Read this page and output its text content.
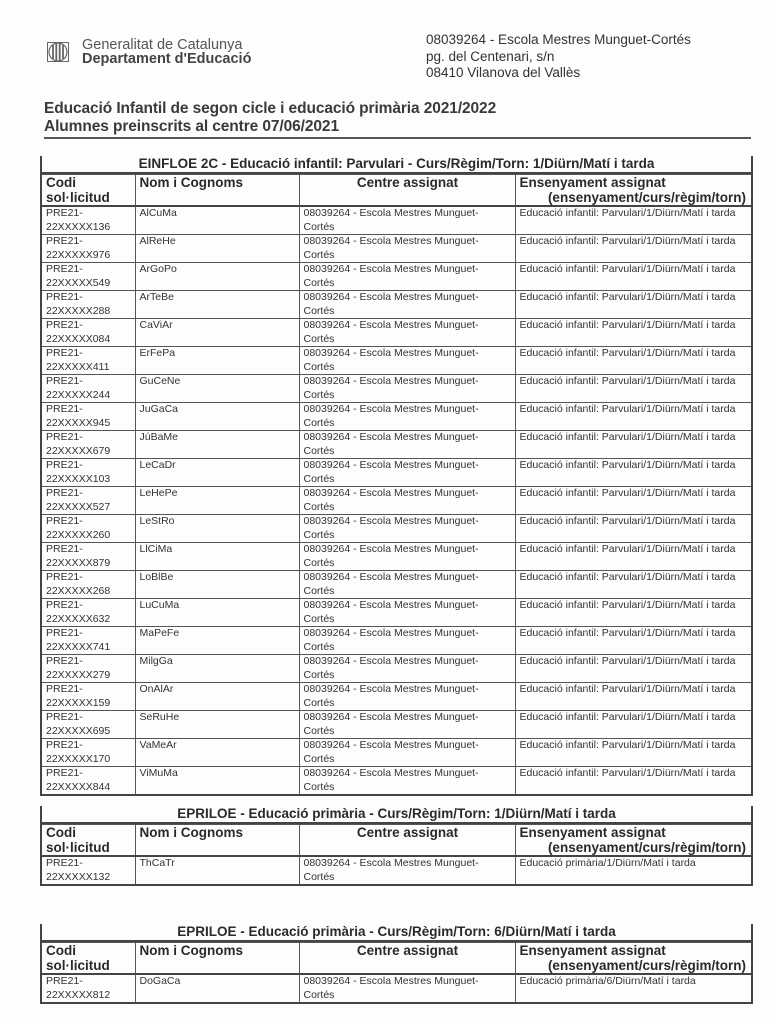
Generalitat de Catalunya
Departament d'Educació
08039264 - Escola Mestres Munguet-Cortés
pg. del Centenari, s/n
08410 Vilanova del Vallès
Educació Infantil de segon cicle i educació primària 2021/2022
Alumnes preinscrits al centre 07/06/2021
EINFLOE 2C - Educació infantil: Parvulari - Curs/Règim/Torn: 1/Diürn/Matí i tarda
Codi
sol·licitud	Nom i Cognoms	Centre assignat	Ensenyament assignat
(ensenyament/curs/règim/torn)

PRE21-
22XXXXX136	AlCuMa	08039264 - Escola Mestres Munguet-
Cortés	Educació infantil: Parvulari/1/Diürn/Matí i tarda
PRE21-
22XXXXX976	AlReHe	08039264 - Escola Mestres Munguet-
Cortés	Educació infantil: Parvulari/1/Diürn/Matí i tarda
PRE21-
22XXXXX549	ArGoPo	08039264 - Escola Mestres Munguet-
Cortés	Educació infantil: Parvulari/1/Diürn/Matí i tarda
PRE21-
22XXXXX288	ArTeBe	08039264 - Escola Mestres Munguet-
Cortés	Educació infantil: Parvulari/1/Diürn/Matí i tarda
PRE21-
22XXXXX084	CaViAr	08039264 - Escola Mestres Munguet-
Cortés	Educació infantil: Parvulari/1/Diürn/Matí i tarda
PRE21-
22XXXXX411	ErFePa	08039264 - Escola Mestres Munguet-
Cortés	Educació infantil: Parvulari/1/Diürn/Matí i tarda
PRE21-
22XXXXX244	GuCeNe	08039264 - Escola Mestres Munguet-
Cortés	Educació infantil: Parvulari/1/Diürn/Matí i tarda
PRE21-
22XXXXX945	JuGaCa	08039264 - Escola Mestres Munguet-
Cortés	Educació infantil: Parvulari/1/Diürn/Matí i tarda
PRE21-
22XXXXX679	JúBaMe	08039264 - Escola Mestres Munguet-
Cortés	Educació infantil: Parvulari/1/Diürn/Matí i tarda
PRE21-
22XXXXX103	LeCaDr	08039264 - Escola Mestres Munguet-
Cortés	Educació infantil: Parvulari/1/Diürn/Matí i tarda
PRE21-
22XXXXX527	LeHePe	08039264 - Escola Mestres Munguet-
Cortés	Educació infantil: Parvulari/1/Diürn/Matí i tarda
PRE21-
22XXXXX260	LeStRo	08039264 - Escola Mestres Munguet-
Cortés	Educació infantil: Parvulari/1/Diürn/Matí i tarda
PRE21-
22XXXXX879	LlCiMa	08039264 - Escola Mestres Munguet-
Cortés	Educació infantil: Parvulari/1/Diürn/Matí i tarda
PRE21-
22XXXXX268	LoBlBe	08039264 - Escola Mestres Munguet-
Cortés	Educació infantil: Parvulari/1/Diürn/Matí i tarda
PRE21-
22XXXXX632	LuCuMa	08039264 - Escola Mestres Munguet-
Cortés	Educació infantil: Parvulari/1/Diürn/Matí i tarda
PRE21-
22XXXXX741	MaPeFe	08039264 - Escola Mestres Munguet-
Cortés	Educació infantil: Parvulari/1/Diürn/Matí i tarda
PRE21-
22XXXXX279	MilgGa	08039264 - Escola Mestres Munguet-
Cortés	Educació infantil: Parvulari/1/Diürn/Matí i tarda
PRE21-
22XXXXX159	OnAlAr	08039264 - Escola Mestres Munguet-
Cortés	Educació infantil: Parvulari/1/Diürn/Matí i tarda
PRE21-
22XXXXX695	SeRuHe	08039264 - Escola Mestres Munguet-
Cortés	Educació infantil: Parvulari/1/Diürn/Matí i tarda
PRE21-
22XXXXX170	VaMeAr	08039264 - Escola Mestres Munguet-
Cortés	Educació infantil: Parvulari/1/Diürn/Matí i tarda
PRE21-
22XXXXX844	ViMuMa	08039264 - Escola Mestres Munguet-
Cortés	Educació infantil: Parvulari/1/Diürn/Matí i tarda
EPRILOE - Educació primària - Curs/Règim/Torn: 1/Diürn/Matí i tarda
Codi
sol·licitud	Nom i Cognoms	Centre assignat	Ensenyament assignat
(ensenyament/curs/règim/torn)

PRE21-
22XXXXX132	ThCaTr	08039264 - Escola Mestres Munguet-
Cortés	Educació primària/1/Diürn/Matí i tarda
EPRILOE - Educació primària - Curs/Règim/Torn: 6/Diürn/Matí i tarda
Codi
sol·licitud	Nom i Cognoms	Centre assignat	Ensenyament assignat
(ensenyament/curs/règim/torn)

PRE21-
22XXXXX812	DoGaCa	08039264 - Escola Mestres Munguet-
Cortés	Educació primària/6/Diürn/Matí i tarda
